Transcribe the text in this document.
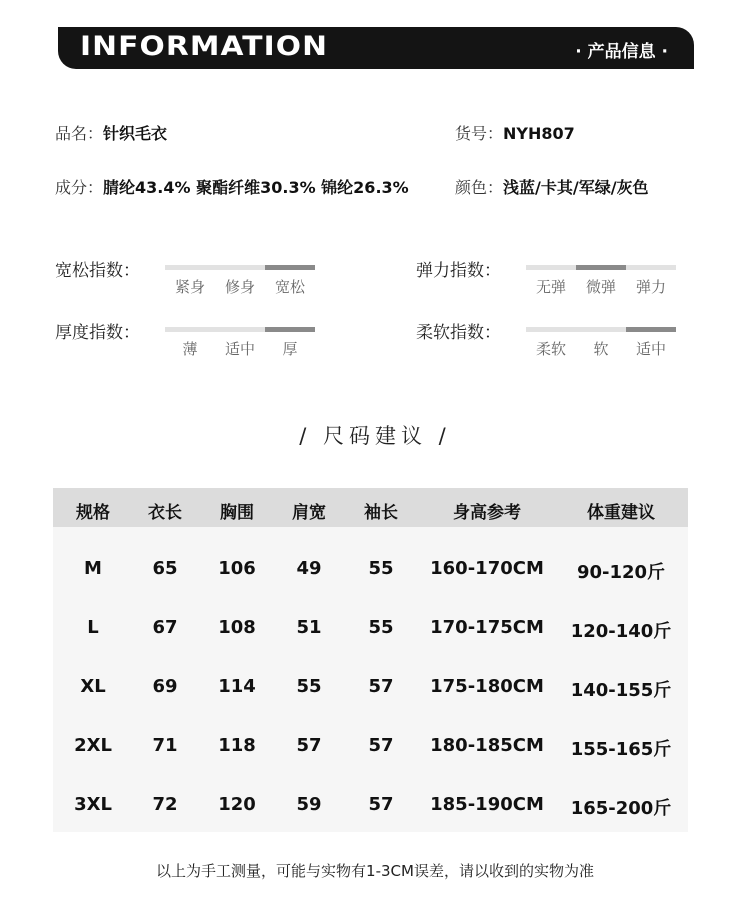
INFORMATION	· 产品信息 ·
品名：针织毛衣	货号：NYH807
成分：腈纶43.4% 聚酯纤维30.3% 锦纶26.3%	颜色：浅蓝/卡其/军绿/灰色
宽松指数：
紧身	修身	宽松
弹力指数：
无弹	微弹	弹力
厚度指数：
薄	适中	厚
柔软指数：
柔软	软	适中
/ 尺码建议 /
规格	衣长	胸围	肩宽	袖长	身高参考	体重建议
M	65	106	49	55	160-170CM	90-120斤
L	67	108	51	55	170-175CM	120-140斤
XL	69	114	55	57	175-180CM	140-155斤
2XL	71	118	57	57	180-185CM	155-165斤
3XL	72	120	59	57	185-190CM	165-200斤
以上为手工测量，可能与实物有1-3CM误差，请以收到的实物为准
